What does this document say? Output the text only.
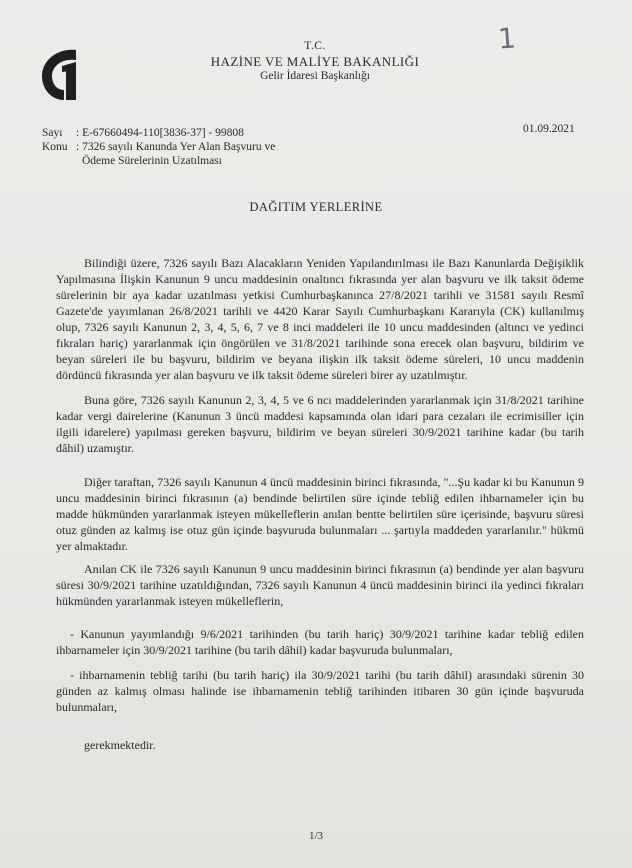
T.C.
HAZİNE VE MALİYE BAKANLIĞI
Gelir İdaresi Başkanlığı
1
Sayı : E-67660494-110[3836-37] - 99808
Konu : 7326 sayılı Kanunda Yer Alan Başvuru ve
Ödeme Sürelerinin Uzatılması
01.09.2021
DAĞITIM YERLERİNE

Bilindiği üzere, 7326 sayılı Bazı Alacakların Yeniden Yapılandırılması ile Bazı Kanunlarda Değişiklik Yapılmasına İlişkin Kanunun 9 uncu maddesinin onaltıncı fıkrasında yer alan başvuru ve ilk taksit ödeme sürelerinin bir aya kadar uzatılması yetkisi Cumhurbaşkanınca 27/8/2021 tarihli ve 31581 sayılı Resmî Gazete'de yayımlanan 26/8/2021 tarihli ve 4420 Karar Sayılı Cumhurbaşkanı Kararıyla (CK) kullanılmış olup, 7326 sayılı Kanunun 2, 3, 4, 5, 6, 7 ve 8 inci maddeleri ile 10 uncu maddesinden (altıncı ve yedinci fıkraları hariç) yararlanmak için öngörülen ve 31/8/2021 tarihinde sona erecek olan başvuru, bildirim ve beyan süreleri ile bu başvuru, bildirim ve beyana ilişkin ilk taksit ödeme süreleri, 10 uncu maddenin dördüncü fıkrasında yer alan başvuru ve ilk taksit ödeme süreleri birer ay uzatılmıştır.

Buna göre, 7326 sayılı Kanunun 2, 3, 4, 5 ve 6 ncı maddelerinden yararlanmak için 31/8/2021 tarihine kadar vergi dairelerine (Kanunun 3 üncü maddesi kapsamında olan idari para cezaları ile ecrimisiller için ilgili idarelere) yapılması gereken başvuru, bildirim ve beyan süreleri 30/9/2021 tarihine kadar (bu tarih dâhil) uzamıştır.

Diğer taraftan, 7326 sayılı Kanunun 4 üncü maddesinin birinci fıkrasında, "...Şu kadar ki bu Kanunun 9 uncu maddesinin birinci fıkrasının (a) bendinde belirtilen süre içinde tebliğ edilen ihbarnameler için bu madde hükmünden yararlanmak isteyen mükelleflerin anılan bentte belirtilen süre içerisinde, başvuru süresi otuz günden az kalmış ise otuz gün içinde başvuruda bulunmaları ... şartıyla maddeden yararlanılır." hükmü yer almaktadır.

Anılan CK ile 7326 sayılı Kanunun 9 uncu maddesinin birinci fıkrasının (a) bendinde yer alan başvuru süresi 30/9/2021 tarihine uzatıldığından, 7326 sayılı Kanunun 4 üncü maddesinin birinci ila yedinci fıkraları hükmünden yararlanmak isteyen mükelleflerin,

- Kanunun yayımlandığı 9/6/2021 tarihinden (bu tarih hariç) 30/9/2021 tarihine kadar tebliğ edilen ihbarnameler için 30/9/2021 tarihine (bu tarih dâhil) kadar başvuruda bulunmaları,

- ihbarnamenin tebliğ tarihi (bu tarih hariç) ila 30/9/2021 tarihi (bu tarih dâhil) arasındaki sürenin 30 günden az kalmış olması halinde ise ihbarnamenin tebliğ tarihinden itibaren 30 gün içinde başvuruda bulunmaları,

gerekmektedir.

1/3
